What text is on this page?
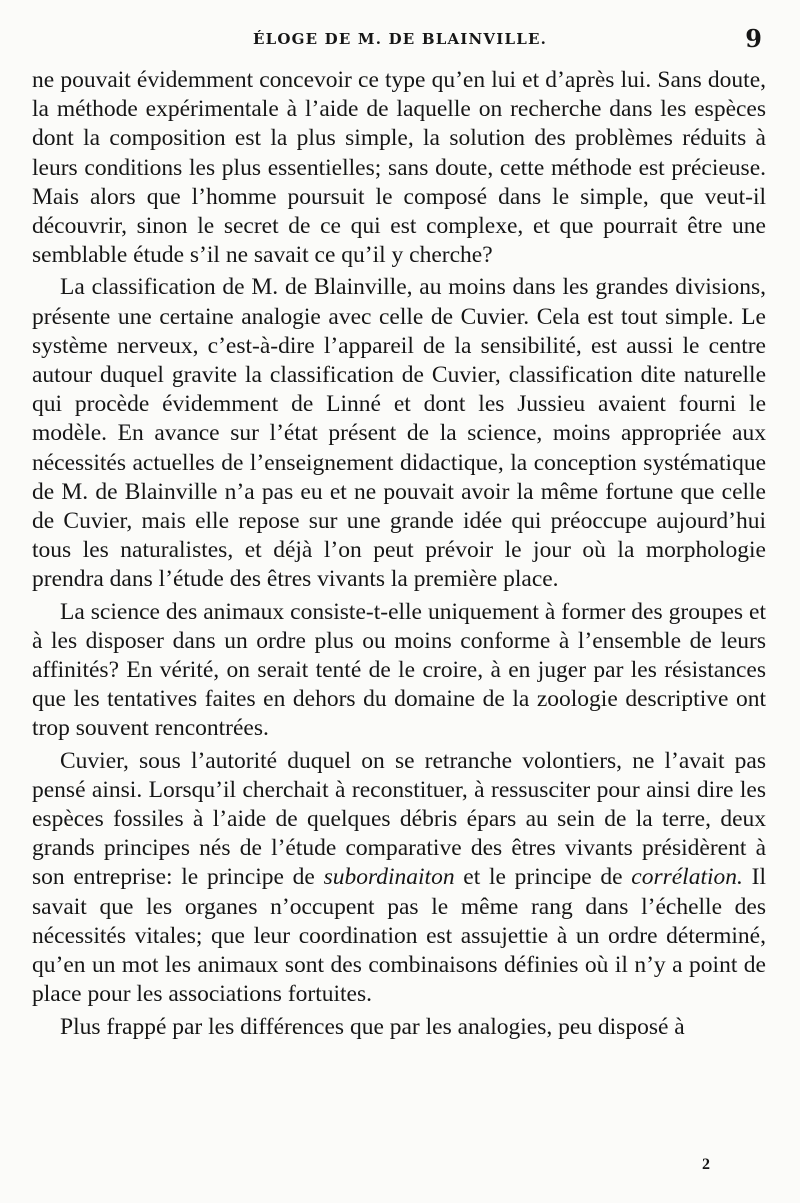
ÉLOGE DE M. DE BLAINVILLE.	9

ne pouvait évidemment concevoir ce type qu’en lui et d’après lui. Sans doute, la méthode expérimentale à l’aide de laquelle on recherche dans les espèces dont la composition est la plus simple, la solution des problèmes réduits à leurs conditions les plus essentielles; sans doute, cette méthode est précieuse. Mais alors que l’homme poursuit le composé dans le simple, que veut-il découvrir, sinon le secret de ce qui est complexe, et que pourrait être une semblable étude s’il ne savait ce qu’il y cherche?

La classification de M. de Blainville, au moins dans les grandes divisions, présente une certaine analogie avec celle de Cuvier. Cela est tout simple. Le système nerveux, c’est-à-dire l’appareil de la sensibilité, est aussi le centre autour duquel gravite la classification de Cuvier, classification dite naturelle qui procède évidemment de Linné et dont les Jussieu avaient fourni le modèle. En avance sur l’état présent de la science, moins appropriée aux nécessités actuelles de l’enseignement didactique, la conception systématique de M. de Blainville n’a pas eu et ne pouvait avoir la même fortune que celle de Cuvier, mais elle repose sur une grande idée qui préoccupe aujourd’hui tous les naturalistes, et déjà l’on peut prévoir le jour où la morphologie prendra dans l’étude des êtres vivants la première place.

La science des animaux consiste-t-elle uniquement à former des groupes et à les disposer dans un ordre plus ou moins conforme à l’ensemble de leurs affinités? En vérité, on serait tenté de le croire, à en juger par les résistances que les tentatives faites en dehors du domaine de la zoologie descriptive ont trop souvent rencontrées.

Cuvier, sous l’autorité duquel on se retranche volontiers, ne l’avait pas pensé ainsi. Lorsqu’il cherchait à reconstituer, à ressusciter pour ainsi dire les espèces fossiles à l’aide de quelques débris épars au sein de la terre, deux grands principes nés de l’étude comparative des êtres vivants présidèrent à son entreprise: le principe de subordinaiton et le principe de corrélation. Il savait que les organes n’occupent pas le même rang dans l’échelle des nécessités vitales; que leur coordination est assujettie à un ordre déterminé, qu’en un mot les animaux sont des combinaisons définies où il n’y a point de place pour les associations fortuites.

Plus frappé par les différences que par les analogies, peu disposé à

2
